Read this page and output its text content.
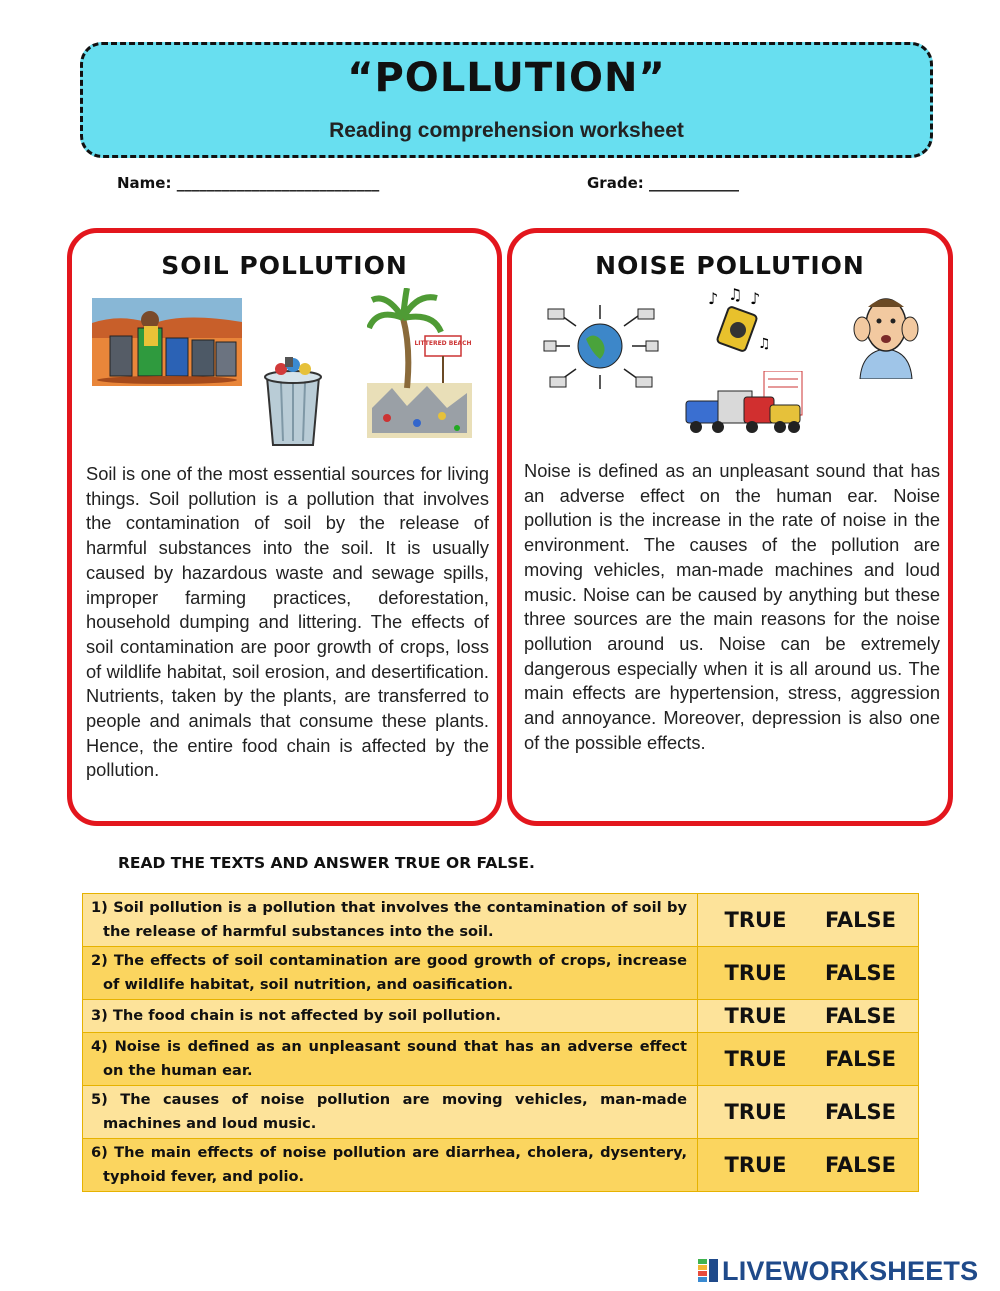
“POLLUTION”
Reading comprehension worksheet
Name: ___________________________	Grade: ____________
SOIL POLLUTION
LITTERED BEACH
Soil is one of the most essential sources for living things. Soil pollution is a pollution that involves the contamination of soil by the release of harmful substances into the soil. It is usually caused by hazardous waste and sewage spills, improper farming practices, deforestation, household dumping and littering. The effects of soil contamination are poor growth of crops, loss of wildlife habitat, soil erosion, and desertification. Nutrients, taken by the plants, are transferred to people and animals that consume these plants. Hence, the entire food chain is affected by the pollution.
NOISE POLLUTION
♪ ♫ ♪
♫
Noise is defined as an unpleasant sound that has an adverse effect on the human ear. Noise pollution is the increase in the rate of noise in the environment. The causes of the pollution are moving vehicles, man-made machines and loud music. Noise can be caused by anything but these three sources are the main reasons for the noise pollution around us. Noise can be extremely dangerous especially when it is all around us. The main effects are hypertension, stress, aggression and annoyance. Moreover, depression is also one of the possible effects.
READ THE TEXTS AND ANSWER TRUE OR FALSE.
1) Soil pollution is a pollution that involves the contamination of soil by the release of harmful substances into the soil.	TRUE FALSE

2) The effects of soil contamination are good growth of crops, increase of wildlife habitat, soil nutrition, and oasification.	TRUE FALSE

3) The food chain is not affected by soil pollution.	TRUE FALSE

4) Noise is defined as an unpleasant sound that has an adverse effect on the human ear.	TRUE FALSE

5) The causes of noise pollution are moving vehicles, man-made machines and loud music.	TRUE FALSE

6) The main effects of noise pollution are diarrhea, cholera, dysentery, typhoid fever, and polio.	TRUE FALSE
LIVEWORKSHEETS
